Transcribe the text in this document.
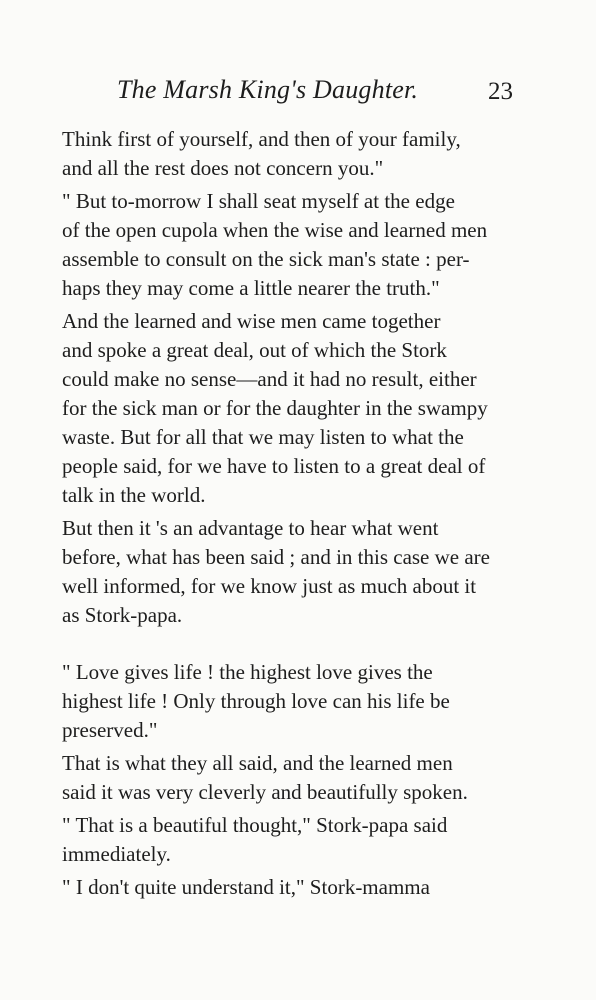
The Marsh King's Daughter.	23
Think first of yourself, and then of your family,
and all the rest does not concern you."
" But to-morrow I shall seat myself at the edge
of the open cupola when the wise and learned men
assemble to consult on the sick man's state : per-
haps they may come a little nearer the truth."
And the learned and wise men came together
and spoke a great deal, out of which the Stork
could make no sense—and it had no result, either
for the sick man or for the daughter in the swampy
waste. But for all that we may listen to what the
people said, for we have to listen to a great deal of
talk in the world.
But then it 's an advantage to hear what went
before, what has been said ; and in this case we are
well informed, for we know just as much about it
as Stork-papa.
" Love gives life ! the highest love gives the
highest life ! Only through love can his life be
preserved."
That is what they all said, and the learned men
said it was very cleverly and beautifully spoken.
" That is a beautiful thought," Stork-papa said
immediately.
" I don't quite understand it," Stork-mamma
